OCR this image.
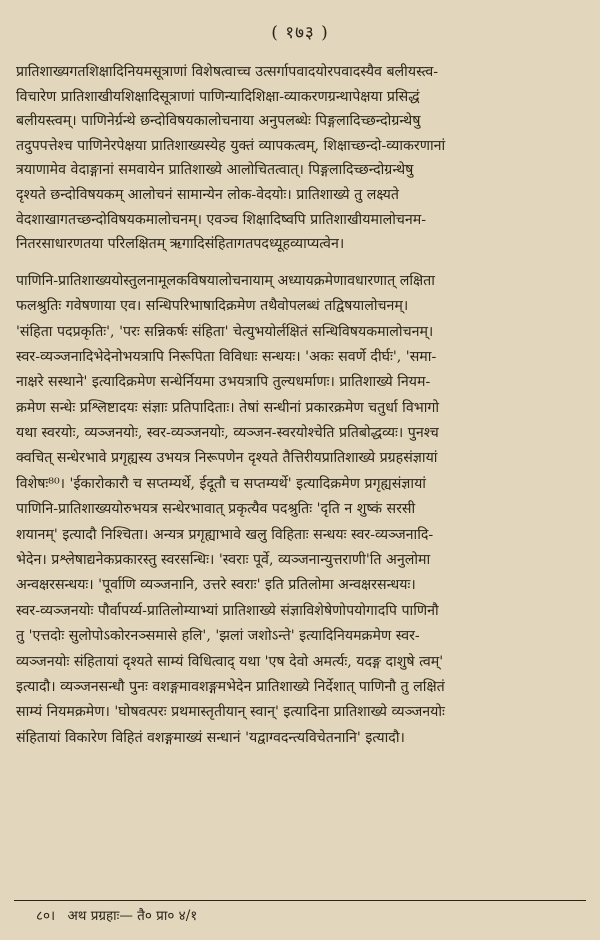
( १७३ )

प्रातिशाख्यगतशिक्षादिनियमसूत्राणां विशेषत्वाच्च उत्सर्गापवादयोरपवादस्यैव बलीयस्त्व-
विचारेण प्रातिशाखीयशिक्षादिसूत्राणां पाणिन्यादिशिक्षा-व्याकरणग्रन्थापेक्षया प्रसिद्धं
बलीयस्त्वम्। पाणिनेर्ग्रन्थे छन्दोविषयकालोचनाया अनुपलब्धेः पिङ्गलादिच्छन्दोग्रन्थेषु
तदुपपत्तेश्च पाणिनेरपेक्षया प्रातिशाख्यस्येह युक्तं व्यापकत्वम्, शिक्षाच्छन्दो-व्याकरणानां
त्रयाणामेव वेदाङ्गानां समवायेन प्रातिशाख्ये आलोचितत्वात्। पिङ्गलादिच्छन्दोग्रन्थेषु
दृश्यते छन्दोविषयकम् आलोचनं सामान्येन लोक-वेदयोः। प्रातिशाख्ये तु लक्ष्यते
वेदशाखागतच्छन्दोविषयकमालोचनम्। एवञ्च शिक्षादिष्वपि प्रातिशाखीयमालोचनम-
नितरसाधारणतया परिलक्षितम् ऋगादिसंहितागतपदध्यूहव्याप्यत्वेन।

पाणिनि-प्रातिशाख्ययोस्तुलनामूलकविषयालोचनायाम् अध्यायक्रमेणावधारणात् लक्षिता
फलश्रुतिः गवेषणाया एव। सन्धिपरिभाषादिक्रमेण तथैवोपलब्धं तद्विषयालोचनम्।
'संहिता पदप्रकृतिः', 'परः सन्निकर्षः संहिता' चेत्युभयोर्लक्षितं सन्धिविषयकमालोचनम्।
स्वर-व्यञ्जनादिभेदेनोभयत्रापि निरूपिता विविधाः सन्धयः। 'अकः सवर्णे दीर्घः', 'समा-
नाक्षरे सस्थाने' इत्यादिक्रमेण सन्धेर्नियमा उभयत्रापि तुल्यधर्माणः। प्रातिशाख्ये नियम-
क्रमेण सन्धेः प्रश्लिष्टादयः संज्ञाः प्रतिपादिताः। तेषां सन्धीनां प्रकारक्रमेण चतुर्धा विभागो
यथा स्वरयोः, व्यञ्जनयोः, स्वर-व्यञ्जनयोः, व्यञ्जन-स्वरयोश्चेति प्रतिबोद्धव्यः। पुनश्च
क्वचित् सन्धेरभावे प्रगृह्यस्य उभयत्र निरूपणेन दृश्यते तैत्तिरीयप्रातिशाख्ये प्रग्रहसंज्ञायां
विशेषः⁸⁰। 'ईकारोकारौ च सप्तम्यर्थे, ईदूतौ च सप्तम्यर्थे' इत्यादिक्रमेण प्रगृह्यसंज्ञायां
पाणिनि-प्रातिशाख्ययोरुभयत्र सन्धेरभावात् प्रकृत्यैव पदश्रुतिः 'दृति न शुष्कं सरसी
शयानम्' इत्यादौ निश्चिता। अन्यत्र प्रगृह्याभावे खलु विहिताः सन्धयः स्वर-व्यञ्जनादि-
भेदेन। प्रश्लेषाद्यनेकप्रकारस्तु स्वरसन्धिः। 'स्वराः पूर्वे, व्यञ्जनान्युत्तराणी'ति अनुलोमा
अन्वक्षरसन्धयः। 'पूर्वाणि व्यञ्जनानि, उत्तरे स्वराः' इति प्रतिलोमा अन्वक्षरसन्धयः।
स्वर-व्यञ्जनयोः पौर्वापर्य्य-प्रातिलोम्याभ्यां प्रातिशाख्ये संज्ञाविशेषेणोपयोगादपि पाणिनौ
तु 'एत्तदोः सुलोपोऽकोरनञ्समासे हलि', 'झलां जशोऽन्ते' इत्यादिनियमक्रमेण स्वर-
व्यञ्जनयोः संहितायां दृश्यते साम्यं विधित्वाद् यथा 'एष देवो अमर्त्यः, यदङ्ग दाशुषे त्वम्'
इत्यादौ। व्यञ्जनसन्धौ पुनः वशङ्गमावशङ्गमभेदेन प्रातिशाख्ये निर्देशात् पाणिनौ तु लक्षितं
साम्यं नियमक्रमेण। 'घोषवत्परः प्रथमास्तृतीयान् स्वान्' इत्यादिना प्रातिशाख्ये व्यञ्जनयोः
संहितायां विकारेण विहितं वशङ्गमाख्यं सन्धानं 'यद्वाग्वदन्त्यविचेतनानि' इत्यादौ।

८०। अथ प्रग्रहाः— तै० प्रा० ४/१
